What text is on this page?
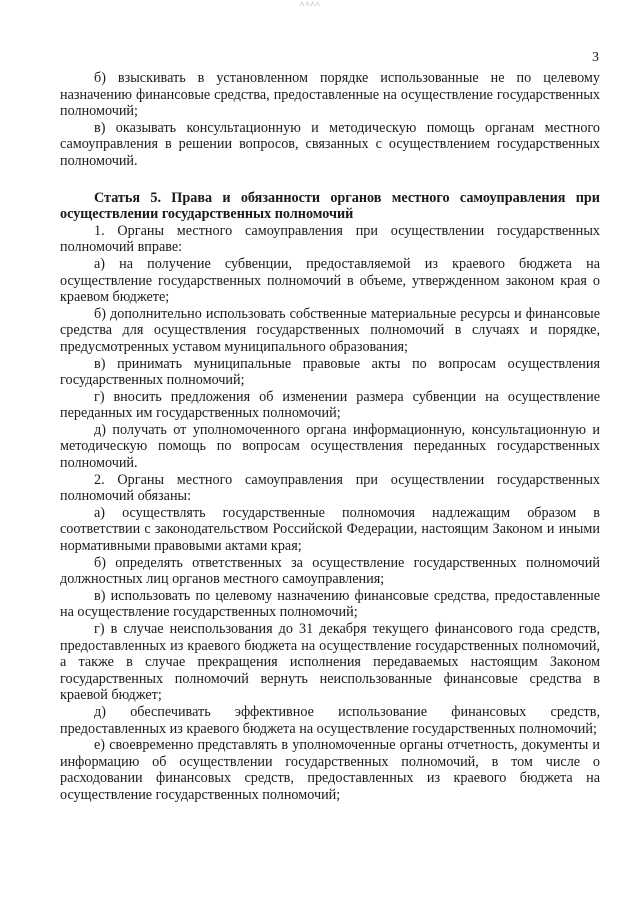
^^^^
3

б) взыскивать в установленном порядке использованные не по целевому назначению финансовые средства, предоставленные на осуществление государственных полномочий;

в) оказывать консультационную и методическую помощь органам местного самоуправления в решении вопросов, связанных с осуществлением государственных полномочий.

Статья 5. Права и обязанности органов местного самоуправления при осуществлении государственных полномочий

1. Органы местного самоуправления при осуществлении государственных полномочий вправе:

а) на получение субвенции, предоставляемой из краевого бюджета на осуществление государственных полномочий в объеме, утвержденном законом края о краевом бюджете;

б) дополнительно использовать собственные материальные ресурсы и финансовые средства для осуществления государственных полномочий в случаях и порядке, предусмотренных уставом муниципального образования;

в) принимать муниципальные правовые акты по вопросам осуществления государственных полномочий;

г) вносить предложения об изменении размера субвенции на осуществление переданных им государственных полномочий;

д) получать от уполномоченного органа информационную, консультационную и методическую помощь по вопросам осуществления переданных государственных полномочий.

2. Органы местного самоуправления при осуществлении государственных полномочий обязаны:

а) осуществлять государственные полномочия надлежащим образом в соответствии с законодательством Российской Федерации, настоящим Законом и иными нормативными правовыми актами края;

б) определять ответственных за осуществление государственных полномочий должностных лиц органов местного самоуправления;

в) использовать по целевому назначению финансовые средства, предоставленные на осуществление государственных полномочий;

г) в случае неиспользования до 31 декабря текущего финансового года средств, предоставленных из краевого бюджета на осуществление государственных полномочий, а также в случае прекращения исполнения передаваемых настоящим Законом государственных полномочий вернуть неиспользованные финансовые средства в краевой бюджет;

д) обеспечивать эффективное использование финансовых средств, предоставленных из краевого бюджета на осуществление государственных полномочий;

е) своевременно представлять в уполномоченные органы отчетность, документы и информацию об осуществлении государственных полномочий, в том числе о расходовании финансовых средств, предоставленных из краевого бюджета на осуществление государственных полномочий;
